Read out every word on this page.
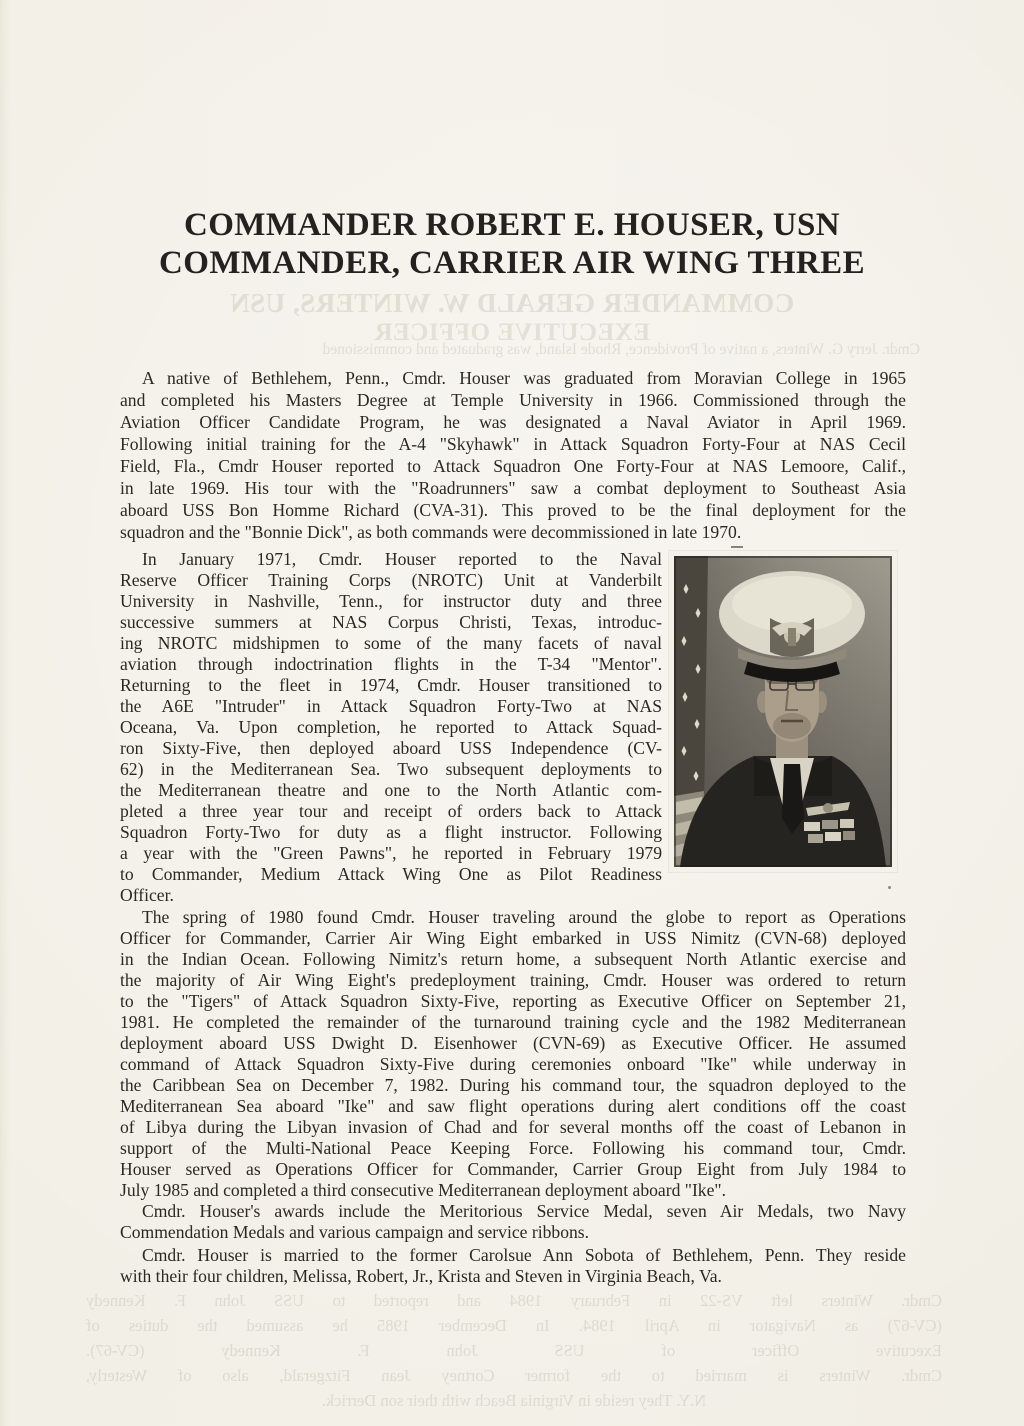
COMMANDER ROBERT E. HOUSER, USN
COMMANDER, CARRIER AIR WING THREE
COMMANDER GERALD W. WINTERS, USN
EXECUTIVE OFFICER
Cmdr. Jerry G. Winters, a native of Providence, Rhode Island, was graduated and commissioned
A native of Bethlehem, Penn., Cmdr. Houser was graduated from Moravian College in 1965
and completed his Masters Degree at Temple University in 1966. Commissioned through the
Aviation Officer Candidate Program, he was designated a Naval Aviator in April 1969.
Following initial training for the A-4 "Skyhawk" in Attack Squadron Forty-Four at NAS Cecil
Field, Fla., Cmdr Houser reported to Attack Squadron One Forty-Four at NAS Lemoore, Calif.,
in late 1969. His tour with the "Roadrunners" saw a combat deployment to Southeast Asia
aboard USS Bon Homme Richard (CVA-31). This proved to be the final deployment for the
squadron and the "Bonnie Dick", as both commands were decommissioned in late 1970.
In January 1971, Cmdr. Houser reported to the Naval
Reserve Officer Training Corps (NROTC) Unit at Vanderbilt
University in Nashville, Tenn., for instructor duty and three
successive summers at NAS Corpus Christi, Texas, introduc-
ing NROTC midshipmen to some of the many facets of naval
aviation through indoctrination flights in the T-34 "Mentor".
Returning to the fleet in 1974, Cmdr. Houser transitioned to
the A6E "Intruder" in Attack Squadron Forty-Two at NAS
Oceana, Va. Upon completion, he reported to Attack Squad-
ron Sixty-Five, then deployed aboard USS Independence (CV-
62) in the Mediterranean Sea. Two subsequent deployments to
the Mediterranean theatre and one to the North Atlantic com-
pleted a three year tour and receipt of orders back to Attack
Squadron Forty-Two for duty as a flight instructor. Following
a year with the "Green Pawns", he reported in February 1979
to Commander, Medium Attack Wing One as Pilot Readiness
Officer.
The spring of 1980 found Cmdr. Houser traveling around the globe to report as Operations
Officer for Commander, Carrier Air Wing Eight embarked in USS Nimitz (CVN-68) deployed
in the Indian Ocean. Following Nimitz's return home, a subsequent North Atlantic exercise and
the majority of Air Wing Eight's predeployment training, Cmdr. Houser was ordered to return
to the "Tigers" of Attack Squadron Sixty-Five, reporting as Executive Officer on September 21,
1981. He completed the remainder of the turnaround training cycle and the 1982 Mediterranean
deployment aboard USS Dwight D. Eisenhower (CVN-69) as Executive Officer. He assumed
command of Attack Squadron Sixty-Five during ceremonies onboard "Ike" while underway in
the Caribbean Sea on December 7, 1982. During his command tour, the squadron deployed to the
Mediterranean Sea aboard "Ike" and saw flight operations during alert conditions off the coast
of Libya during the Libyan invasion of Chad and for several months off the coast of Lebanon in
support of the Multi-National Peace Keeping Force. Following his command tour, Cmdr.
Houser served as Operations Officer for Commander, Carrier Group Eight from July 1984 to
July 1985 and completed a third consecutive Mediterranean deployment aboard "Ike".
Cmdr. Houser's awards include the Meritorious Service Medal, seven Air Medals, two Navy
Commendation Medals and various campaign and service ribbons.
Cmdr. Houser is married to the former Carolsue Ann Sobota of Bethlehem, Penn. They reside
with their four children, Melissa, Robert, Jr., Krista and Steven in Virginia Beach, Va.
Cmdr. Winters left VS-22 in February 1984 and reported to USS John F. Kennedy
(CV-67) as Navigator in April 1984. In December 1985 he assumed the duties of
Executive Officer of USS John F. Kennedy (CV-67).
Cmdr. Winters is married to the former Cortney Jean Fitzgerald, also of Westerly,
N.Y. They reside in Virginia Beach with their son Derrick.
